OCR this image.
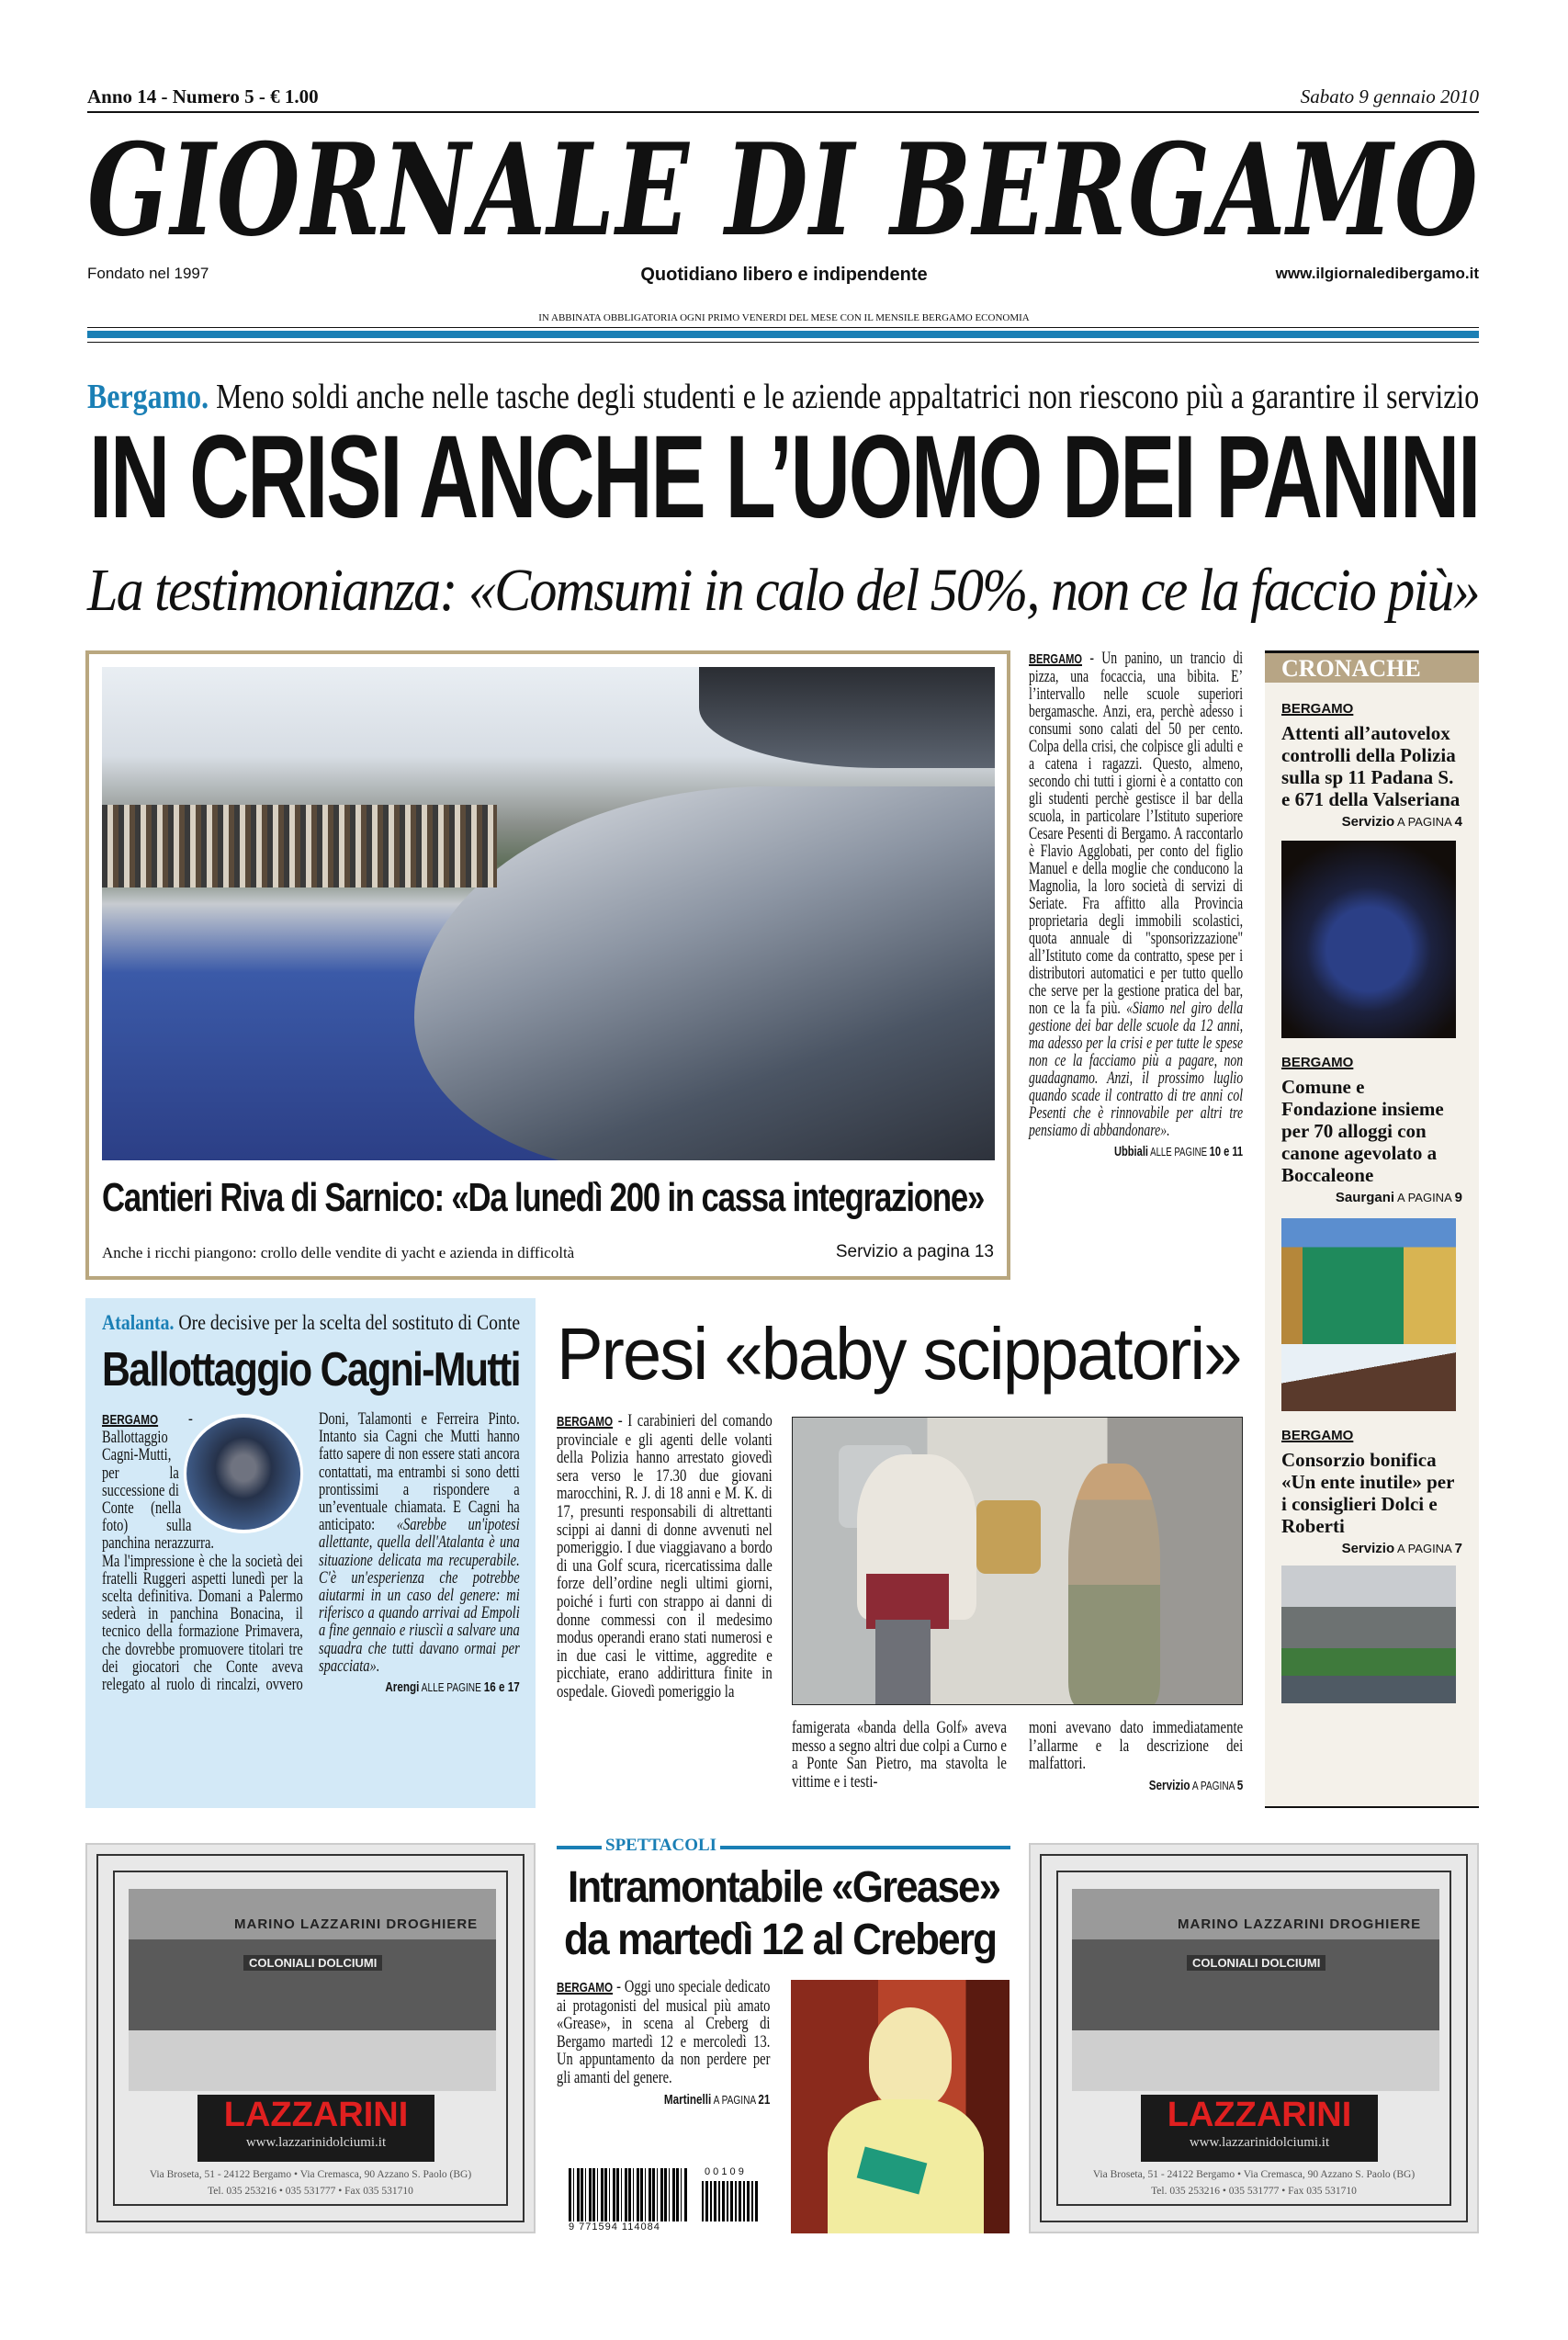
Anno 14 - Numero 5 - € 1.00	Sabato 9 gennaio 2010
GIORNALE DI BERGAMO
Fondato nel 1997	Quotidiano libero e indipendente	www.ilgiornaledibergamo.it
IN ABBINATA OBBLIGATORIA OGNI PRIMO VENERDI DEL MESE CON IL MENSILE BERGAMO ECONOMIA
Bergamo. Meno soldi anche nelle tasche degli studenti e le aziende appaltatrici non riescono più a garantire il servizio
IN CRISI ANCHE L’UOMO DEI PANINI
La testimonianza: «Comsumi in calo del 50%, non ce la faccio più»
Cantieri Riva di Sarnico: «Da lunedì 200 in cassa integrazione»
Anche i ricchi piangono: crollo delle vendite di yacht e azienda in difficoltà	Servizio a pagina 13
BERGAMO - Un panino, un trancio di pizza, una focaccia, una bibita. E’ l’intervallo nelle scuole superiori bergamasche. Anzi, era, perchè adesso i consumi sono calati del 50 per cento. Colpa della crisi, che colpisce gli adulti e a catena i ragazzi. Questo, almeno, secondo chi tutti i giorni è a contatto con gli studenti perchè gestisce il bar della scuola, in particolare l’Istituto superiore Cesare Pesenti di Bergamo. A raccontarlo è Flavio Agglobati, per conto del figlio Manuel e della moglie che conducono la Magnolia, la loro società di servizi di Seriate. Fra affitto alla Provincia proprietaria degli immobili scolastici, quota annuale di "sponsorizzazione" all’Istituto come da contratto, spese per i distributori automatici e per tutto quello che serve per la gestione pratica del bar, non ce la fa più. «Siamo nel giro della gestione dei bar delle scuole da 12 anni, ma adesso per la crisi e per tutte le spese non ce la facciamo più a pagare, non guadagnamo. Anzi, il prossimo luglio quando scade il contratto di tre anni col Pesenti che è rinnovabile per altri tre pensiamo di abbandonare».
Ubbiali ALLE PAGINE 10 e 11
CRONACHE
BERGAMO
Attenti all’autovelox controlli della Polizia sulla sp 11 Padana S. e 671 della Valseriana
Servizio A PAGINA 4
BERGAMO
Comune e Fondazione insieme per 70 alloggi con canone agevolato a Boccaleone
Saurgani A PAGINA 9
BERGAMO
Consorzio bonifica «Un ente inutile» per i consiglieri Dolci e Roberti
Servizio A PAGINA 7
Atalanta. Ore decisive per la scelta del sostituto di Conte
Ballottaggio Cagni-Mutti
BERGAMO - Ballottaggio Cagni-Mutti, per la successione di Conte (nella foto) sulla panchina nerazzurra. Ma l'impressione è che la società dei fratelli Ruggeri aspetti lunedì per la scelta definitiva. Domani a Palermo sederà in panchina Bonacina, il tecnico della formazione Primavera, che dovrebbe promuovere titolari tre dei giocatori che Conte aveva relegato al ruolo di rincalzi, ovvero Doni, Talamonti e Ferreira Pinto. Intanto sia Cagni che Mutti hanno fatto sapere di non essere stati ancora contattati, ma entrambi si sono detti prontissimi a rispondere a un’eventuale chiamata. E Cagni ha anticipato: «Sarebbe un'ipotesi allettante, quella dell'Atalanta è una situazione delicata ma recuperabile. C'è un'esperienza che potrebbe aiutarmi in un caso del genere: mi riferisco a quando arrivai ad Empoli a fine gennaio e riuscìi a salvare una squadra che tutti davano ormai per spacciata».
Arengi ALLE PAGINE 16 e 17
Presi «baby scippatori»
BERGAMO - I carabinieri del comando provinciale e gli agenti delle volanti della Polizia hanno arrestato giovedì sera verso le 17.30 due giovani marocchini, R. J. di 18 anni e M. K. di 17, presunti responsabili di altrettanti scippi ai danni di donne avvenuti nel pomeriggio. I due viaggiavano a bordo di una Golf scura, ricercatissima dalle forze dell’ordine negli ultimi giorni, poiché i furti con strappo ai danni di donne commessi con il medesimo modus operandi erano stati numerosi e in due casi le vittime, aggredite e picchiate, erano addirittura finite in ospedale. Giovedì pomeriggio la
famigerata «banda della Golf» aveva messo a segno altri due colpi a Curno e a Ponte San Pietro, ma stavolta le vittime e i testi-
moni avevano dato immediatamente l’allarme e la descrizione dei malfattori.
Servizio A PAGINA 5
MARINO LAZZARINI DROGHIERE
COLONIALI DOLCIUMI
LAZZARINI
www.lazzarinidolciumi.it
Via Broseta, 51 - 24122 Bergamo • Via Cremasca, 90 Azzano S. Paolo (BG)
Tel. 035 253216 • 035 531777 • Fax 035 531710
MARINO LAZZARINI DROGHIERE
COLONIALI DOLCIUMI
LAZZARINI
www.lazzarinidolciumi.it
Via Broseta, 51 - 24122 Bergamo • Via Cremasca, 90 Azzano S. Paolo (BG)
Tel. 035 253216 • 035 531777 • Fax 035 531710
SPETTACOLI
Intramontabile «Grease»
da martedì 12 al Creberg
BERGAMO - Oggi uno speciale dedicato ai protagonisti del musical più amato «Grease», in scena al Creberg di Bergamo martedì 12 e mercoledì 13. Un appuntamento da non perdere per gli amanti del genere.
Martinelli A PAGINA 21
9 771594 114084
0 0 1 0 9
